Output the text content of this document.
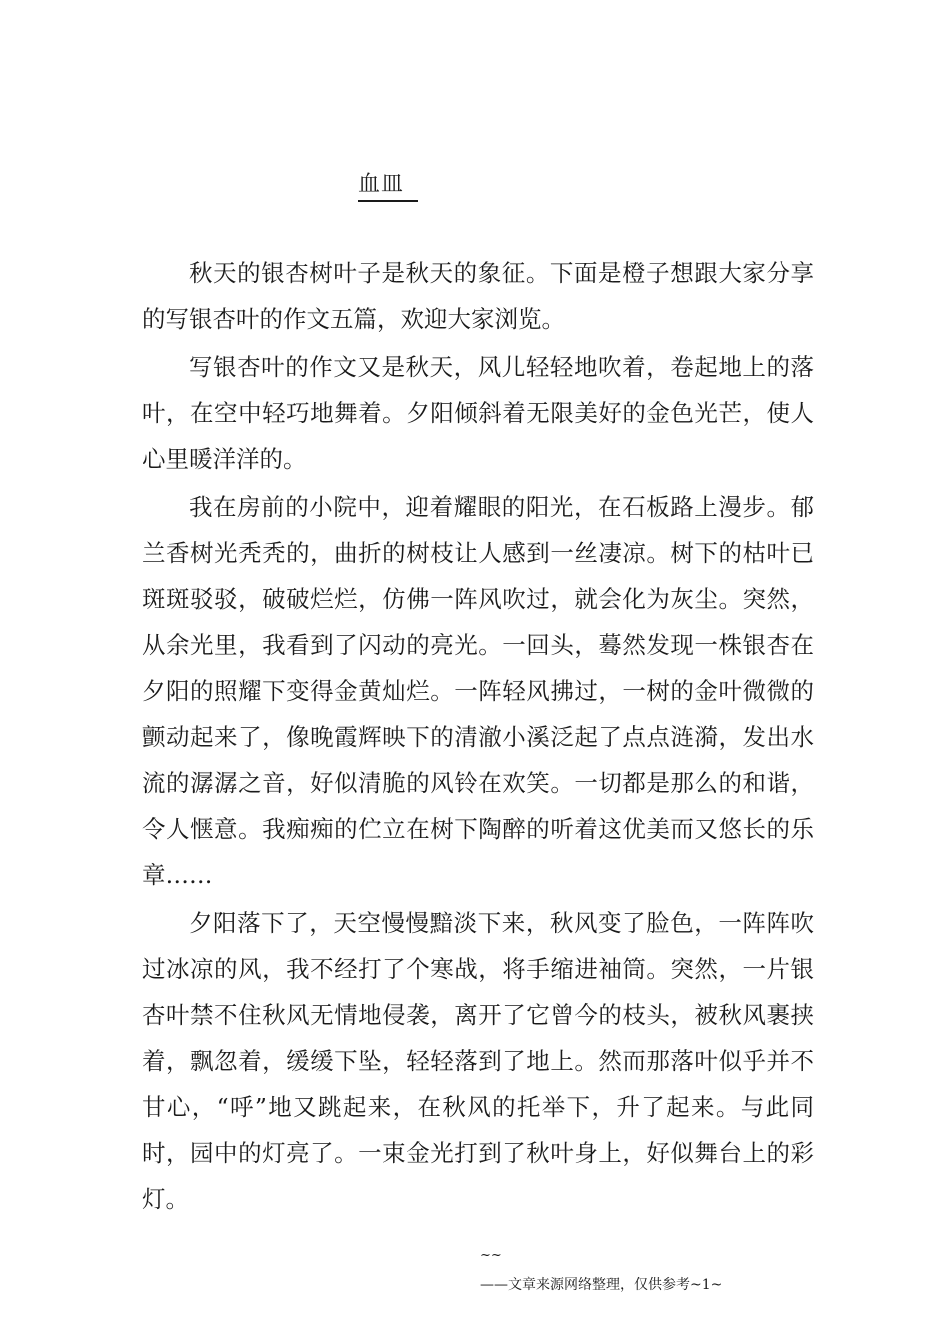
血皿

秋天的银杏树叶子是秋天的象征。下面是橙子想跟大家分享的写银杏叶的作文五篇，欢迎大家浏览。

写银杏叶的作文又是秋天，风儿轻轻地吹着，卷起地上的落叶，在空中轻巧地舞着。夕阳倾斜着无限美好的金色光芒，使人心里暖洋洋的。

我在房前的小院中，迎着耀眼的阳光，在石板路上漫步。郁兰香树光秃秃的，曲折的树枝让人感到一丝凄凉。树下的枯叶已斑斑驳驳，破破烂烂，仿佛一阵风吹过，就会化为灰尘。突然，从余光里，我看到了闪动的亮光。一回头，蓦然发现一株银杏在夕阳的照耀下变得金黄灿烂。一阵轻风拂过，一树的金叶微微的颤动起来了，像晚霞辉映下的清澈小溪泛起了点点涟漪，发出水流的潺潺之音，好似清脆的风铃在欢笑。一切都是那么的和谐，令人惬意。我痴痴的伫立在树下陶醉的听着这优美而又悠长的乐章……

夕阳落下了，天空慢慢黯淡下来，秋风变了脸色，一阵阵吹过冰凉的风，我不经打了个寒战，将手缩进袖筒。突然，一片银杏叶禁不住秋风无情地侵袭，离开了它曾今的枝头，被秋风裹挟着，飘忽着，缓缓下坠，轻轻落到了地上。然而那落叶似乎并不甘心，“呼”地又跳起来，在秋风的托举下，升了起来。与此同时，园中的灯亮了。一束金光打到了秋叶身上，好似舞台上的彩灯。

~~
——文章来源网络整理，仅供参考~1~
